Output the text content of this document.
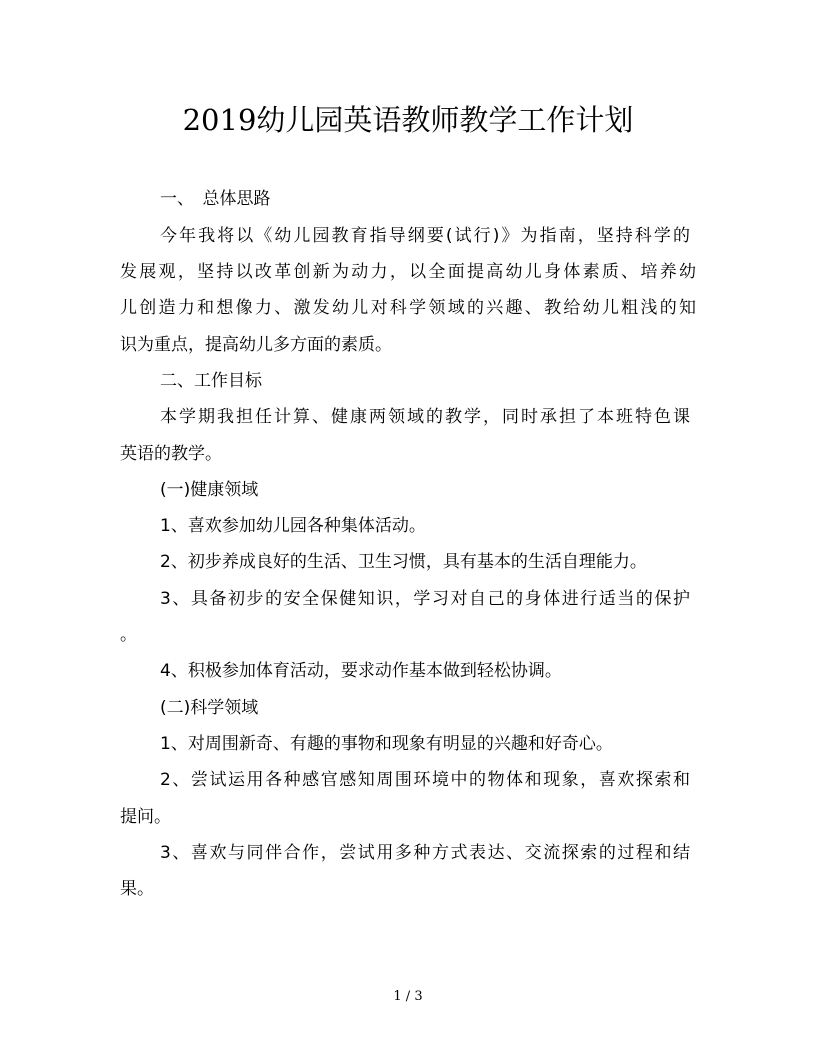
2019幼儿园英语教师教学工作计划

一、　总体思路

今年我将以《幼儿园教育指导纲要(试行)》为指南，坚持科学的

发展观，坚持以改革创新为动力，以全面提高幼儿身体素质、培养幼

儿创造力和想像力、激发幼儿对科学领域的兴趣、教给幼儿粗浅的知

识为重点，提高幼儿多方面的素质。

二、工作目标

本学期我担任计算、健康两领域的教学，同时承担了本班特色课

英语的教学。

(一)健康领域

1、喜欢参加幼儿园各种集体活动。

2、初步养成良好的生活、卫生习惯，具有基本的生活自理能力。

3、具备初步的安全保健知识，学习对自己的身体进行适当的保护

。

4、积极参加体育活动，要求动作基本做到轻松协调。

(二)科学领域

1、对周围新奇、有趣的事物和现象有明显的兴趣和好奇心。

2、尝试运用各种感官感知周围环境中的物体和现象，喜欢探索和

提问。

3、喜欢与同伴合作，尝试用多种方式表达、交流探索的过程和结

果。

1 / 3
